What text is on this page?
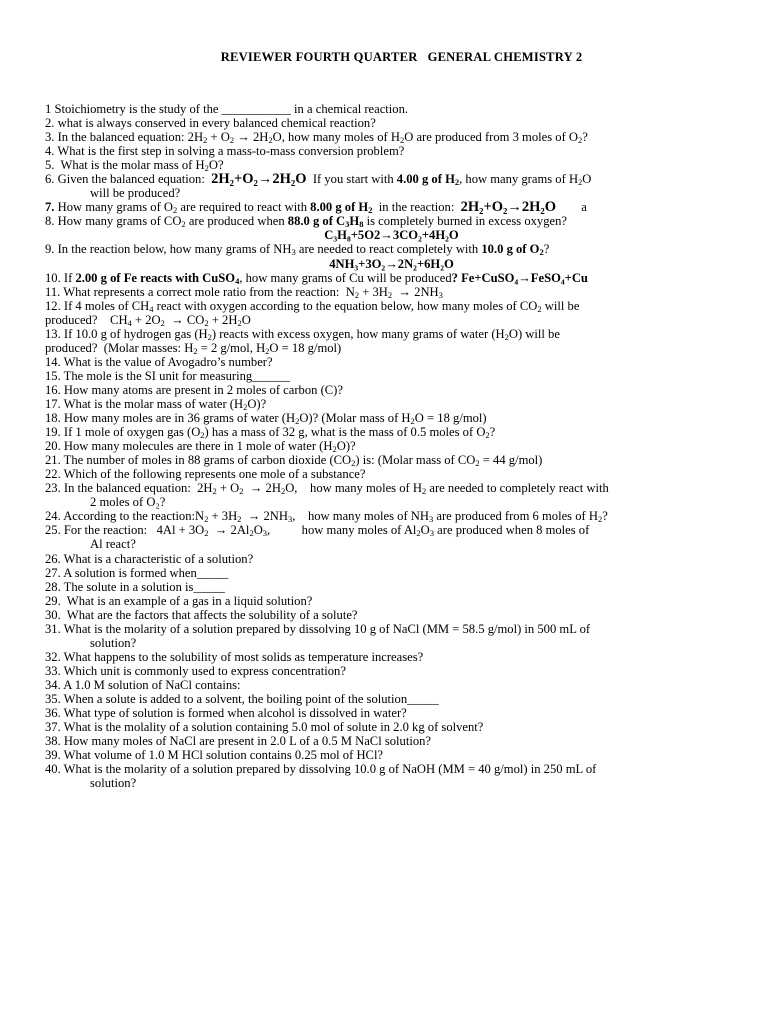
REVIEWER FOURTH QUARTER   GENERAL CHEMISTRY 2
1 Stoichiometry is the study of the ___________ in a chemical reaction.
2. what is always conserved in every balanced chemical reaction?
3. In the balanced equation: $2H_2 + O_2 \to 2H_2O$, how many moles of $H_2O$ are produced from 3 moles of $O_2$?
4. What is the first step in solving a mass-to-mass conversion problem?
5.  What is the molar mass of $H_2O$?
6. Given the balanced equation:  2H₂+O₂→2H₂O  If you start with 4.00 g of $H_2$, how many grams of $H_2O$
will be produced?
7. How many grams of $O_2$ are required to react with 8.00 g of $H_2$  in the reaction:  2H₂+O₂→2H₂O        a
8. How many grams of $CO_2$ are produced when 88.0 g of $C_3H_8$ is completely burned in excess oxygen?
C₃H₈+5O2→3CO₂+4H₂O
9. In the reaction below, how many grams of $NH_3$ are needed to react completely with 10.0 g of $O_2$?
4NH₃+3O₂→2N₂+6H₂O
10. If 2.00 g of Fe reacts with CuSO$_4$, how many grams of Cu will be produced? Fe+CuSO₄→FeSO₄+Cu
11. What represents a correct mole ratio from the reaction:  $N_2 + 3H_2 \to 2NH_3$
12. If 4 moles of $CH_4$ react with oxygen according to the equation below, how many moles of $CO_2$ will be
produced?    $CH_4 + 2O_2 \to CO_2 + 2H_2O$
13. If 10.0 g of hydrogen gas $(H_2)$ reacts with excess oxygen, how many grams of water $(H_2O)$ will be
produced?  (Molar masses: $H_2 = 2$ g/mol, $H_2O = 18$ g/mol)
14. What is the value of Avogadro’s number?
15. The mole is the SI unit for measuring______
16. How many atoms are present in 2 moles of carbon (C)?
17. What is the molar mass of water $(H_2O)$?
18. How many moles are in 36 grams of water $(H_2O)$? (Molar mass of $H_2O = 18$ g/mol)
19. If 1 mole of oxygen gas $(O_2)$ has a mass of 32 g, what is the mass of 0.5 moles of $O_2$?
20. How many molecules are there in 1 mole of water $(H_2O)$?
21. The number of moles in 88 grams of carbon dioxide $(CO_2)$ is: (Molar mass of $CO_2 = 44$ g/mol)
22. Which of the following represents one mole of a substance?
23. In the balanced equation:  $2H_2 + O_2 \to 2H_2O$,    how many moles of $H_2$ are needed to completely react with
2 moles of O₂?
24. According to the $reaction:N_2 + 3H_2 \to 2NH_3$,    how many moles of $NH_3$ are produced from 6 moles of $H_2$?
25. For the reaction:   $4Al + 3O_2 \to 2Al_2O_3$,          how many moles of $Al_2O_3$ are produced when 8 moles of
Al react?
26. What is a characteristic of a solution?
27. A solution is formed when_____
28. The solute in a solution is_____
29.  What is an example of a gas in a liquid solution?
30.  What are the factors that affects the solubility of a solute?
31. What is the molarity of a solution prepared by dissolving 10 g of NaCl (MM = 58.5 g/mol) in 500 mL of
solution?
32. What happens to the solubility of most solids as temperature increases?
33. Which unit is commonly used to express concentration?
34. A 1.0 M solution of NaCl contains:
35. When a solute is added to a solvent, the boiling point of the solution_____
36. What type of solution is formed when alcohol is dissolved in water?
37. What is the molality of a solution containing 5.0 mol of solute in 2.0 kg of solvent?
38. How many moles of NaCl are present in 2.0 L of a 0.5 M NaCl solution?
39. What volume of 1.0 M HCl solution contains 0.25 mol of HCl?
40. What is the molarity of a solution prepared by dissolving 10.0 g of NaOH (MM = 40 g/mol) in 250 mL of
solution?
